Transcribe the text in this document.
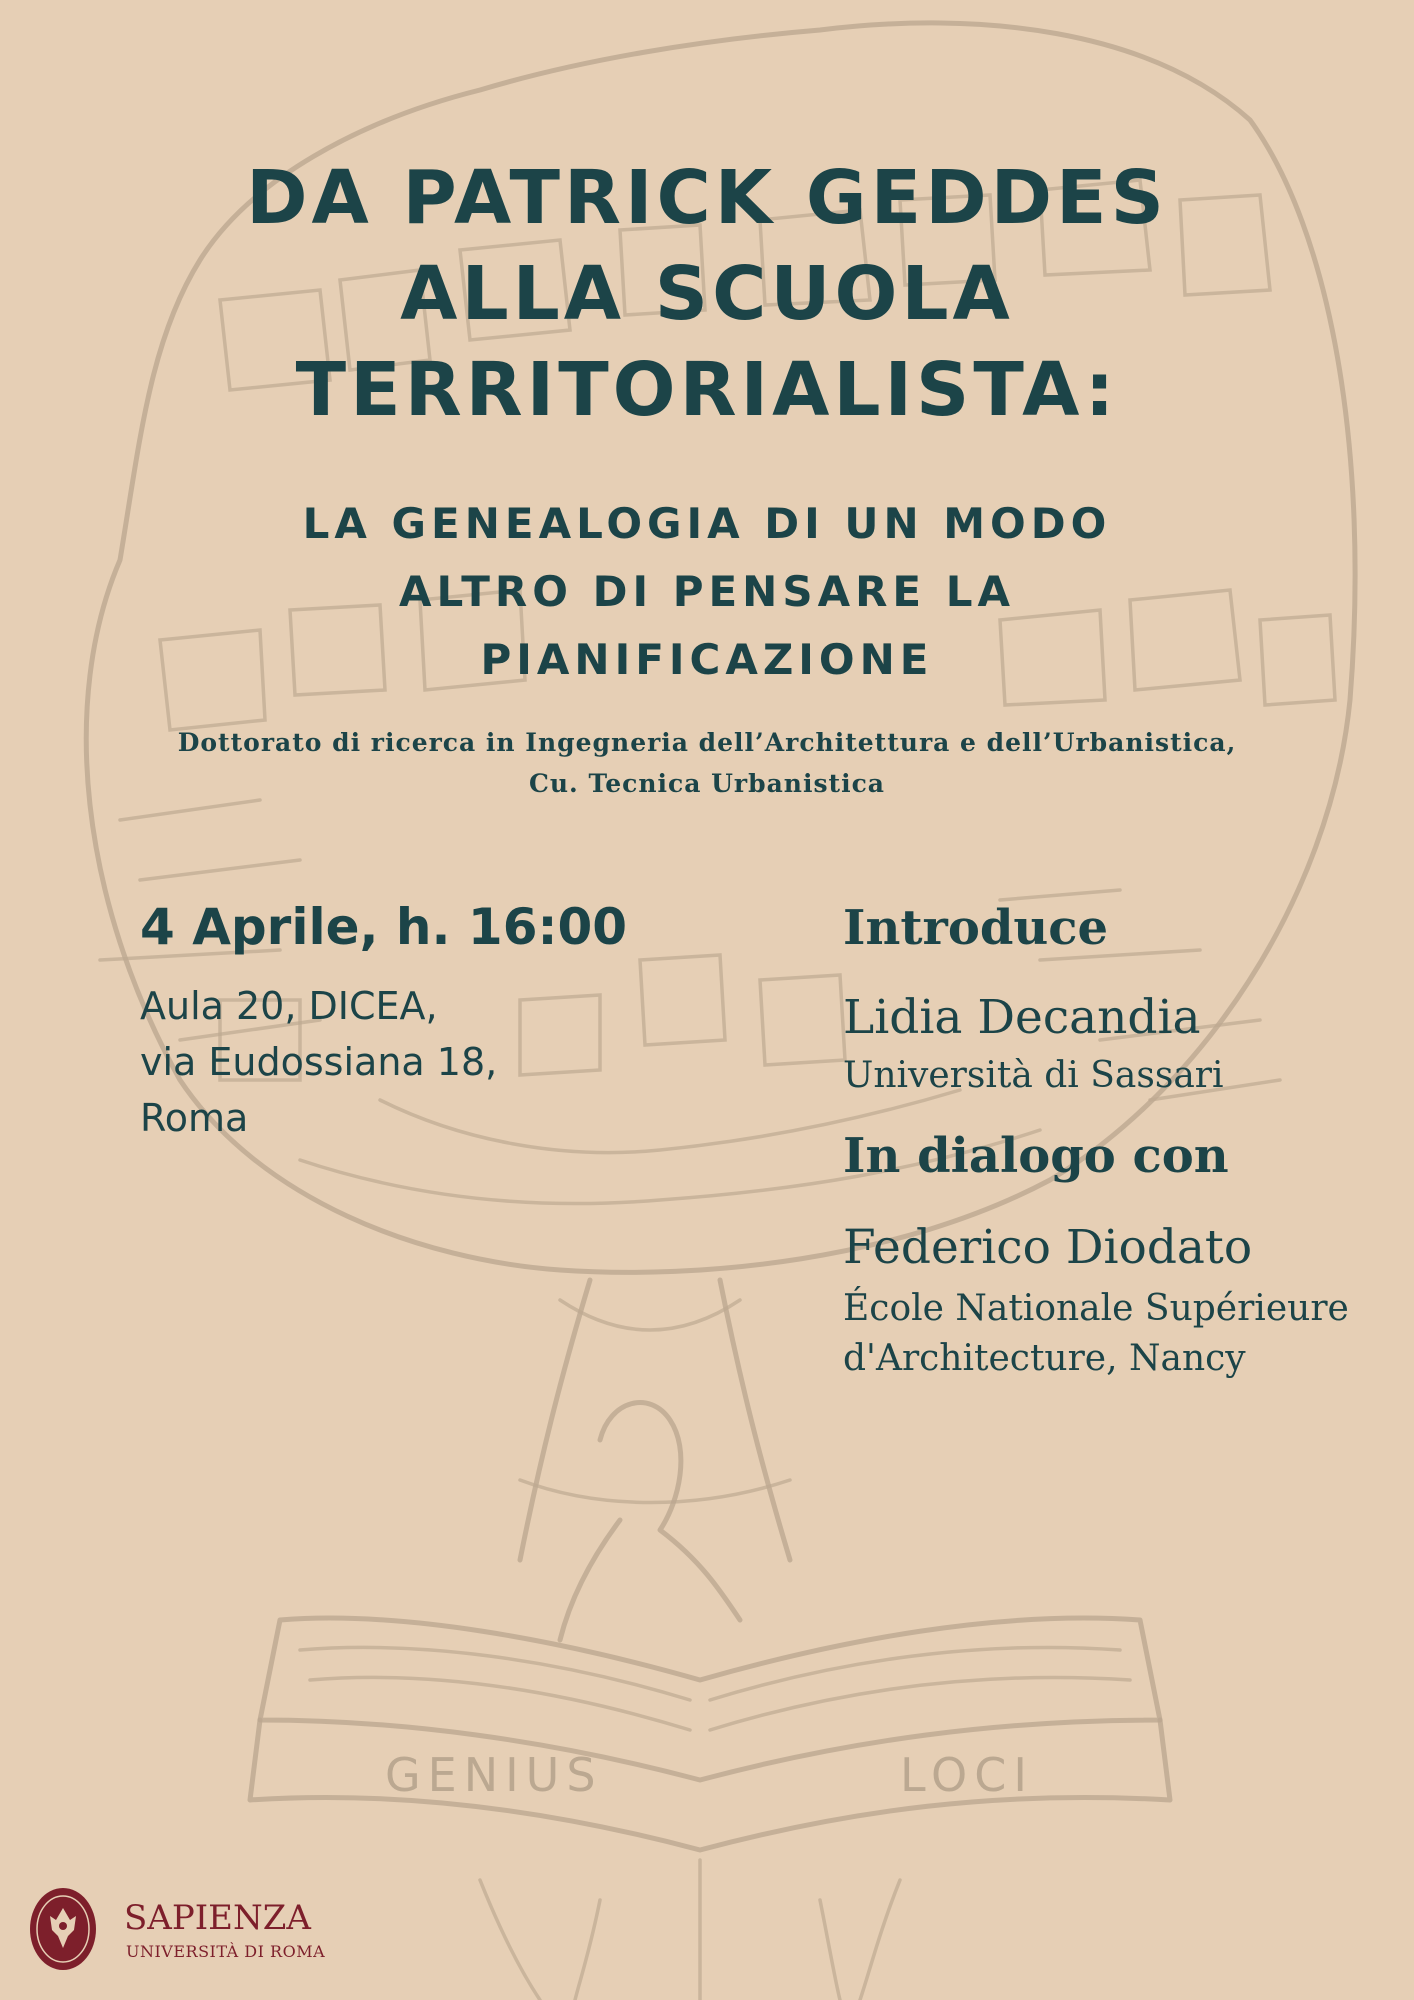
DA PATRICK GEDDES
ALLA SCUOLA
TERRITORIALISTA:
LA GENEALOGIA DI UN MODO
ALTRO DI PENSARE LA
PIANIFICAZIONE
Dottorato di ricerca in Ingegneria dell’Architettura e dell’Urbanistica,
Cu. Tecnica Urbanistica
4 Aprile, h. 16:00
Aula 20, DICEA,
via Eudossiana 18,
Roma
Introduce
Lidia Decandia
Università di Sassari
In dialogo con
Federico Diodato
École Nationale Supérieure
d'Architecture, Nancy
GENIUS	LOCI
SAPIENZA
UNIVERSITÀ DI ROMA
